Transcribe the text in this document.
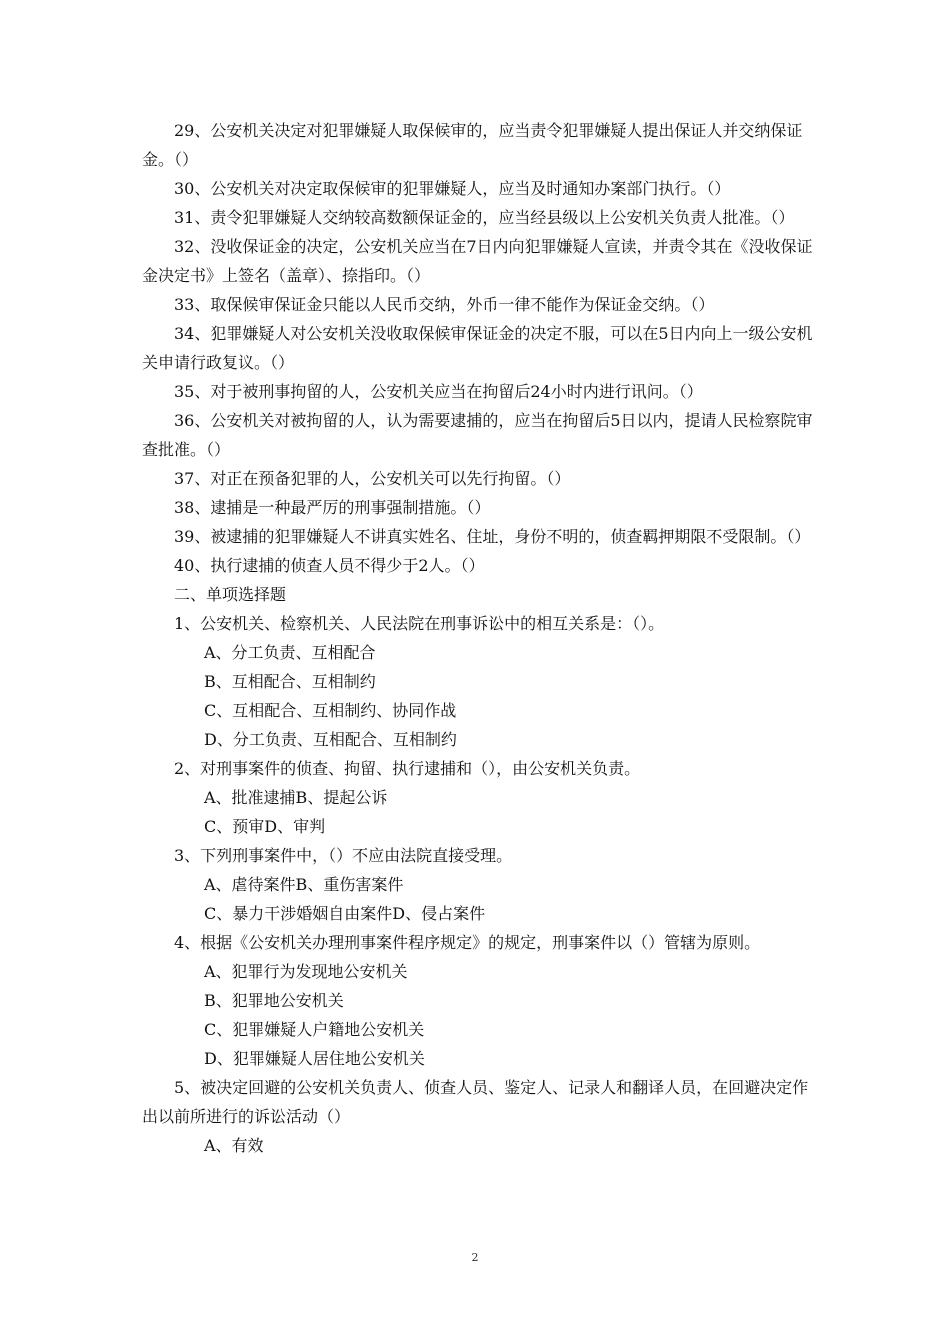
29、公安机关决定对犯罪嫌疑人取保候审的，应当责令犯罪嫌疑人提出保证人并交纳保证金。（）

30、公安机关对决定取保候审的犯罪嫌疑人，应当及时通知办案部门执行。（）

31、责令犯罪嫌疑人交纳较高数额保证金的，应当经县级以上公安机关负责人批准。（）

32、没收保证金的决定，公安机关应当在7日内向犯罪嫌疑人宣读，并责令其在《没收保证金决定书》上签名（盖章）、捺指印。（）

33、取保候审保证金只能以人民币交纳，外币一律不能作为保证金交纳。（）

34、犯罪嫌疑人对公安机关没收取保候审保证金的决定不服，可以在5日内向上一级公安机关申请行政复议。（）

35、对于被刑事拘留的人，公安机关应当在拘留后24小时内进行讯问。（）

36、公安机关对被拘留的人，认为需要逮捕的，应当在拘留后5日以内，提请人民检察院审查批准。（）

37、对正在预备犯罪的人，公安机关可以先行拘留。（）

38、逮捕是一种最严厉的刑事强制措施。（）

39、被逮捕的犯罪嫌疑人不讲真实姓名、住址，身份不明的，侦查羁押期限不受限制。（）

40、执行逮捕的侦查人员不得少于2人。（）

二、单项选择题

1、公安机关、检察机关、人民法院在刑事诉讼中的相互关系是：（）。

A、分工负责、互相配合

B、互相配合、互相制约

C、互相配合、互相制约、协同作战

D、分工负责、互相配合、互相制约

2、对刑事案件的侦查、拘留、执行逮捕和（），由公安机关负责。

A、批准逮捕B、提起公诉

C、预审D、审判

3、下列刑事案件中，（）不应由法院直接受理。

A、虐待案件B、重伤害案件

C、暴力干涉婚姻自由案件D、侵占案件

4、根据《公安机关办理刑事案件程序规定》的规定，刑事案件以（）管辖为原则。

A、犯罪行为发现地公安机关

B、犯罪地公安机关

C、犯罪嫌疑人户籍地公安机关

D、犯罪嫌疑人居住地公安机关

5、被决定回避的公安机关负责人、侦查人员、鉴定人、记录人和翻译人员，在回避决定作出以前所进行的诉讼活动（）

A、有效

2
